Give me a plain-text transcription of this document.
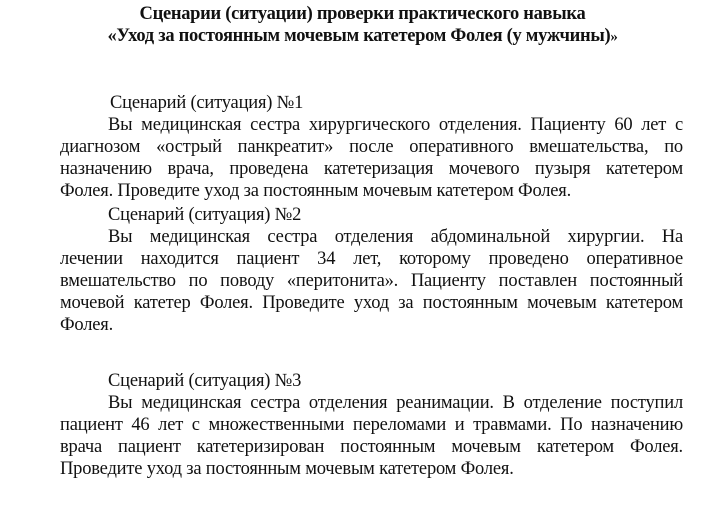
Сценарии (ситуации) проверки практического навыка
«Уход за постоянным мочевым катетером Фолея (у мужчины)»
Сценарий (ситуация) №1
Вы медицинская сестра хирургического отделения. Пациенту 60 лет с
диагнозом «острый панкреатит» после оперативного вмешательства, по
назначению врача, проведена катетеризация мочевого пузыря катетером
Фолея. Проведите уход за постоянным мочевым катетером Фолея.
Сценарий (ситуация) №2
Вы медицинская сестра отделения абдоминальной хирургии. На
лечении находится пациент 34 лет, которому проведено оперативное
вмешательство по поводу «перитонита». Пациенту поставлен постоянный
мочевой катетер Фолея. Проведите уход за постоянным мочевым катетером
Фолея.
Сценарий (ситуация) №3
Вы медицинская сестра отделения реанимации. В отделение поступил
пациент 46 лет с множественными переломами и травмами. По назначению
врача пациент катетеризирован постоянным мочевым катетером Фолея.
Проведите уход за постоянным мочевым катетером Фолея.
